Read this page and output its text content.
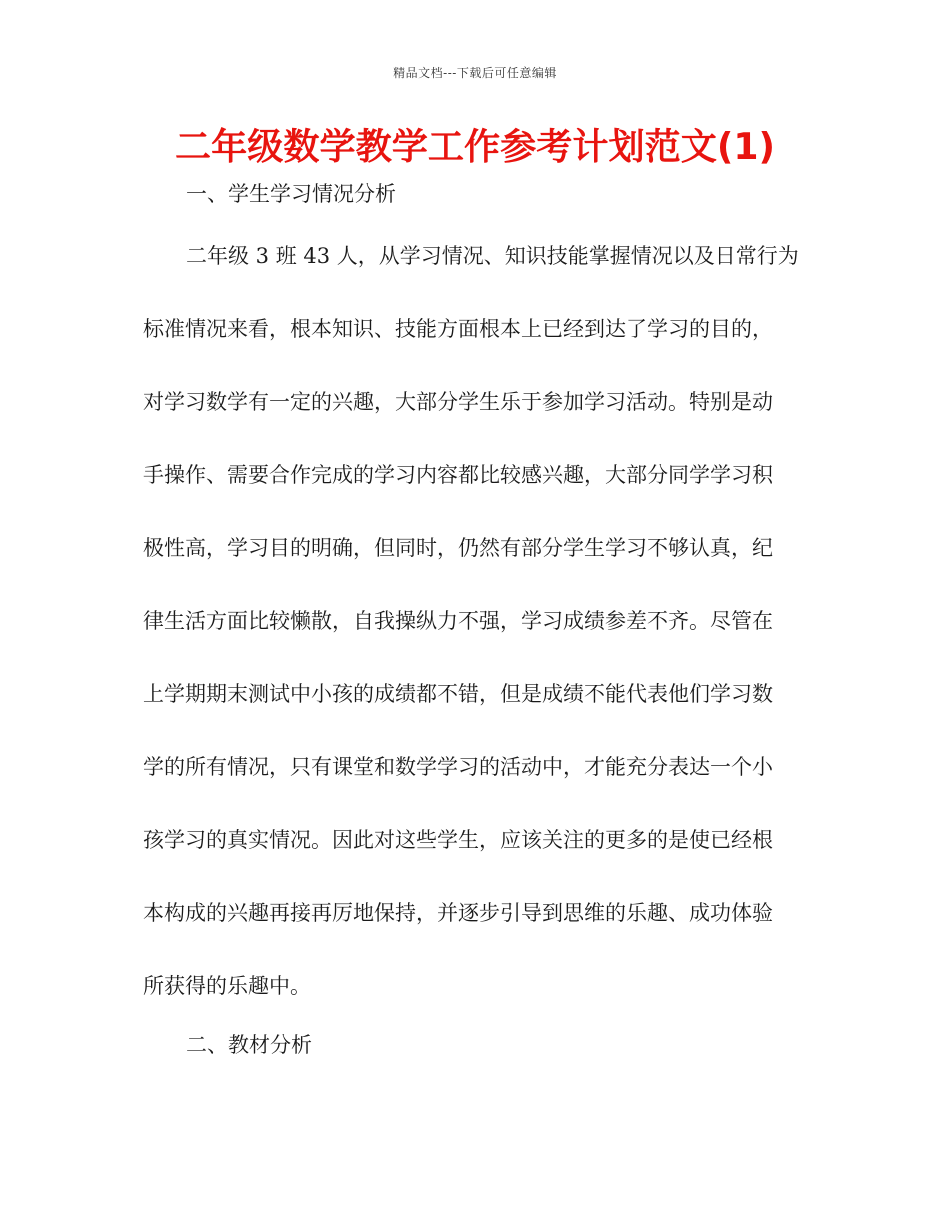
精品文档---下载后可任意编辑
二年级数学教学工作参考计划范文(1)
一、学生学习情况分析
二年级 3 班 43 人，从学习情况、知识技能掌握情况以及日常行为
标准情况来看，根本知识、技能方面根本上已经到达了学习的目的，
对学习数学有一定的兴趣，大部分学生乐于参加学习活动。特别是动
手操作、需要合作完成的学习内容都比较感兴趣，大部分同学学习积
极性高，学习目的明确，但同时，仍然有部分学生学习不够认真，纪
律生活方面比较懒散，自我操纵力不强，学习成绩参差不齐。尽管在
上学期期末测试中小孩的成绩都不错，但是成绩不能代表他们学习数
学的所有情况，只有课堂和数学学习的活动中，才能充分表达一个小
孩学习的真实情况。因此对这些学生，应该关注的更多的是使已经根
本构成的兴趣再接再厉地保持，并逐步引导到思维的乐趣、成功体验
所获得的乐趣中。
二、教材分析
